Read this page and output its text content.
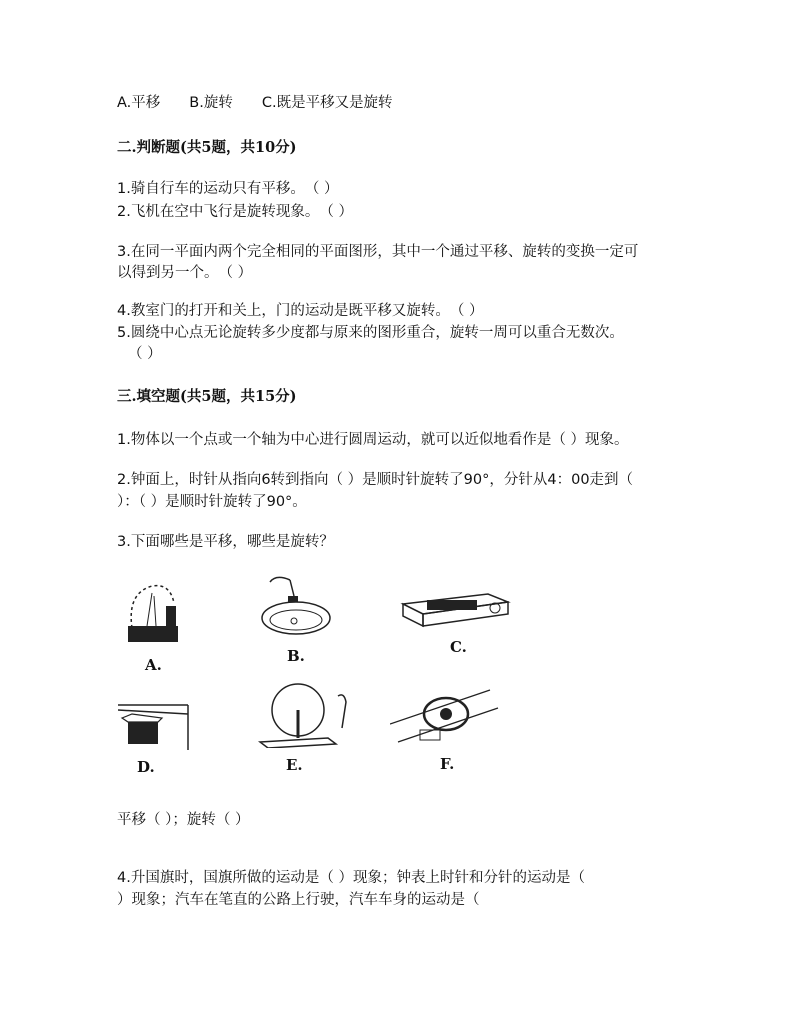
A.平移　　B.旋转　　C.既是平移又是旋转
二.判断题(共5题，共10分)
1.骑自行车的运动只有平移。　（ ）
2.飞机在空中飞行是旋转现象。　（ ）
3.在同一平面内两个完全相同的平面图形，其中一个通过平移、旋转的变换一定可
以得到另一个。　（ ）
4.教室门的打开和关上，门的运动是既平移又旋转。　（ ）
5.圆绕中心点无论旋转多少度都与原来的图形重合，旋转一周可以重合无数次。
（ ）
三.填空题(共5题，共15分)
1.物体以一个点或一个轴为中心进行圆周运动，就可以近似地看作是（ ）现象。
2.钟面上，时针从指向6转到指向（ ）是顺时针旋转了90°，分针从4：00走到（
）：（ ）是顺时针旋转了90°。
3.下面哪些是平移，哪些是旋转？
A.	B.	C.
D.	E.	F.
平移（ ）；旋转（ ）
4.升国旗时，国旗所做的运动是（ ）现象；钟表上时针和分针的运动是（
）现象；汽车在笔直的公路上行驶，汽车车身的运动是（
